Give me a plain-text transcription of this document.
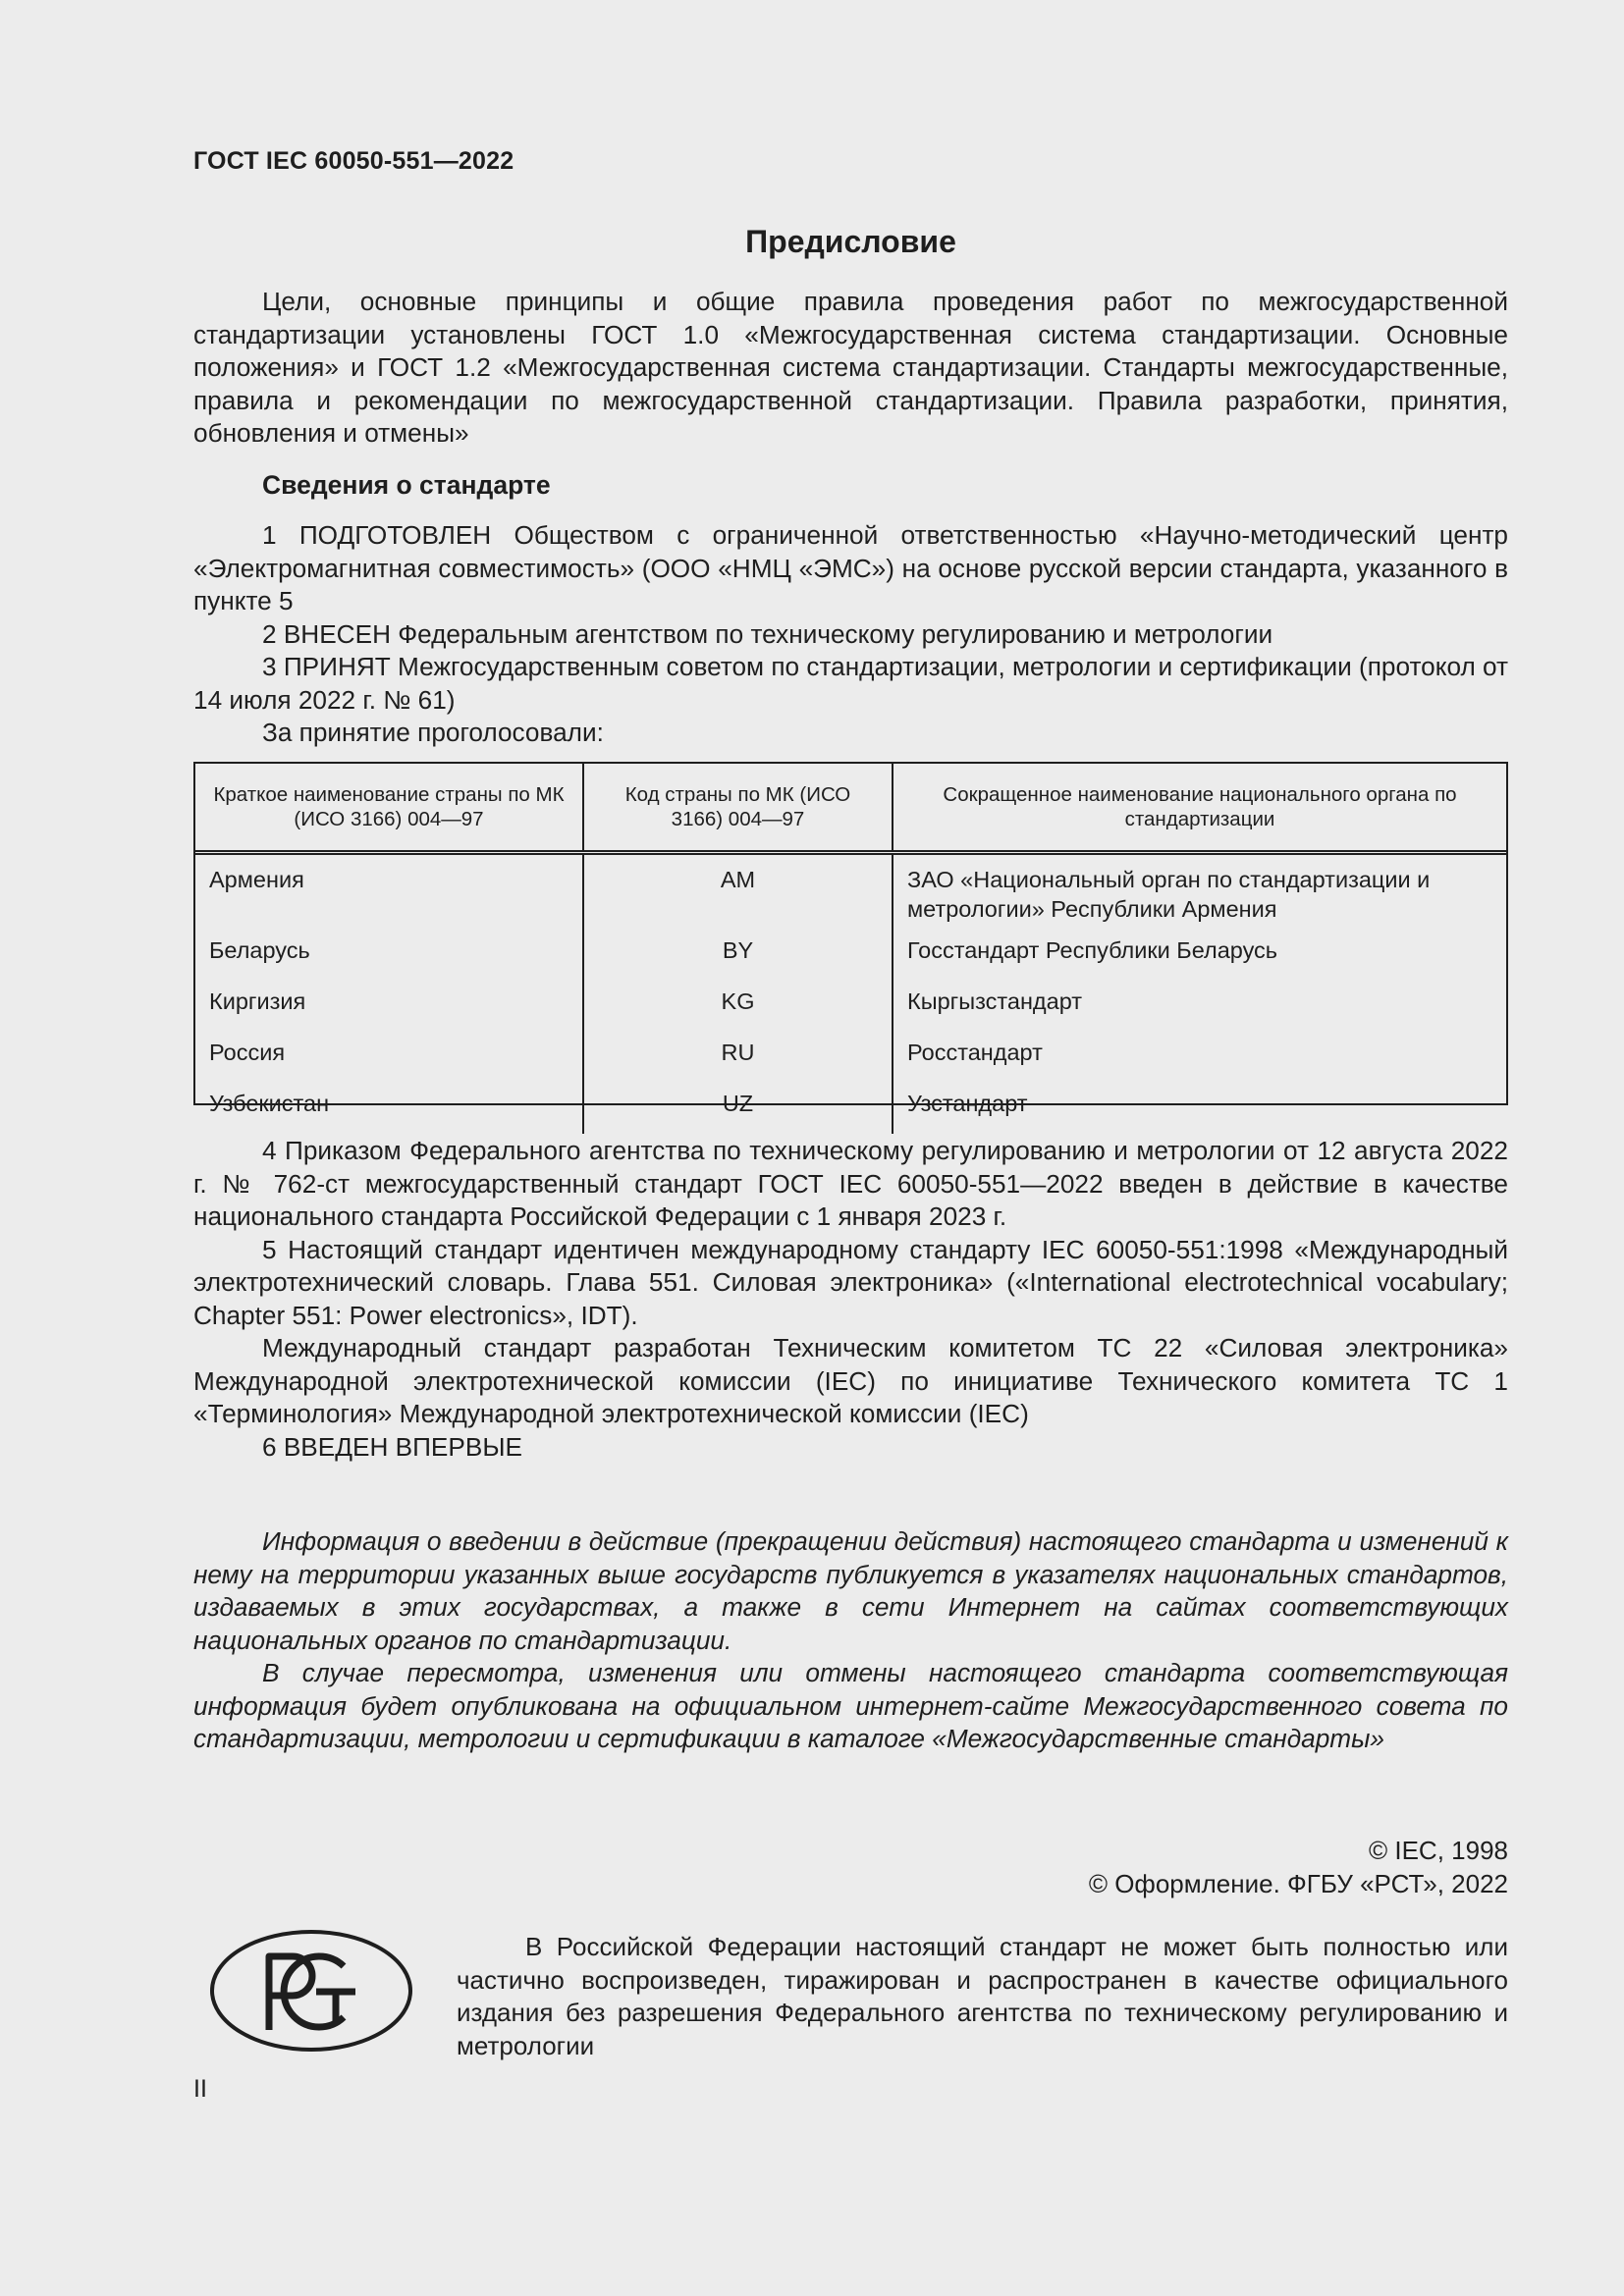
ГОСТ IEC 60050-551—2022
Предисловие

Цели, основные принципы и общие правила проведения работ по межгосударственной стандартизации установлены ГОСТ 1.0 «Межгосударственная система стандартизации. Основные положения» и ГОСТ 1.2 «Межгосударственная система стандартизации. Стандарты межгосударственные, правила и рекомендации по межгосударственной стандартизации. Правила разработки, принятия, обновления и отмены»

Сведения о стандарте

1 ПОДГОТОВЛЕН Обществом с ограниченной ответственностью «Научно-методический центр «Электромагнитная совместимость» (ООО «НМЦ «ЭМС») на основе русской версии стандарта, указанного в пункте 5

2 ВНЕСЕН Федеральным агентством по техническому регулированию и метрологии

3 ПРИНЯТ Межгосударственным советом по стандартизации, метрологии и сертификации (протокол от 14 июля 2022 г. № 61)

За принятие проголосовали:

Краткое наименование страны по МК (ИСО 3166) 004—97	Код страны по МК (ИСО 3166) 004—97	Сокращенное наименование национального органа по стандартизации
Армения	AM	ЗАО «Национальный орган по стандартизации и метрологии» Республики Армения
Беларусь	BY	Госстандарт Республики Беларусь
Киргизия	KG	Кыргызстандарт
Россия	RU	Росстандарт
Узбекистан	UZ	Узстандарт

4 Приказом Федерального агентства по техническому регулированию и метрологии от 12 августа 2022 г. № 762-ст межгосударственный стандарт ГОСТ IEC 60050-551—2022 введен в действие в качестве национального стандарта Российской Федерации с 1 января 2023 г.

5 Настоящий стандарт идентичен международному стандарту IEC 60050-551:1998 «Международный электротехнический словарь. Глава 551. Силовая электроника» («International electrotechnical vocabulary; Chapter 551: Power electronics», IDT).

Международный стандарт разработан Техническим комитетом TC 22 «Силовая электроника» Международной электротехнической комиссии (IEC) по инициативе Технического комитета TC 1 «Терминология» Международной электротехнической комиссии (IEC)

6 ВВЕДЕН ВПЕРВЫЕ

Информация о введении в действие (прекращении действия) настоящего стандарта и изменений к нему на территории указанных выше государств публикуется в указателях национальных стандартов, издаваемых в этих государствах, а также в сети Интернет на сайтах соответствующих национальных органов по стандартизации.

В случае пересмотра, изменения или отмены настоящего стандарта соответствующая информация будет опубликована на официальном интернет-сайте Межгосударственного совета по стандартизации, метрологии и сертификации в каталоге «Межгосударственные стандарты»

© IEC, 1998
© Оформление. ФГБУ «РСТ», 2022

В Российской Федерации настоящий стандарт не может быть полностью или частично воспроизведен, тиражирован и распространен в качестве официального издания без разрешения Федерального агентства по техническому регулированию и метрологии

II
